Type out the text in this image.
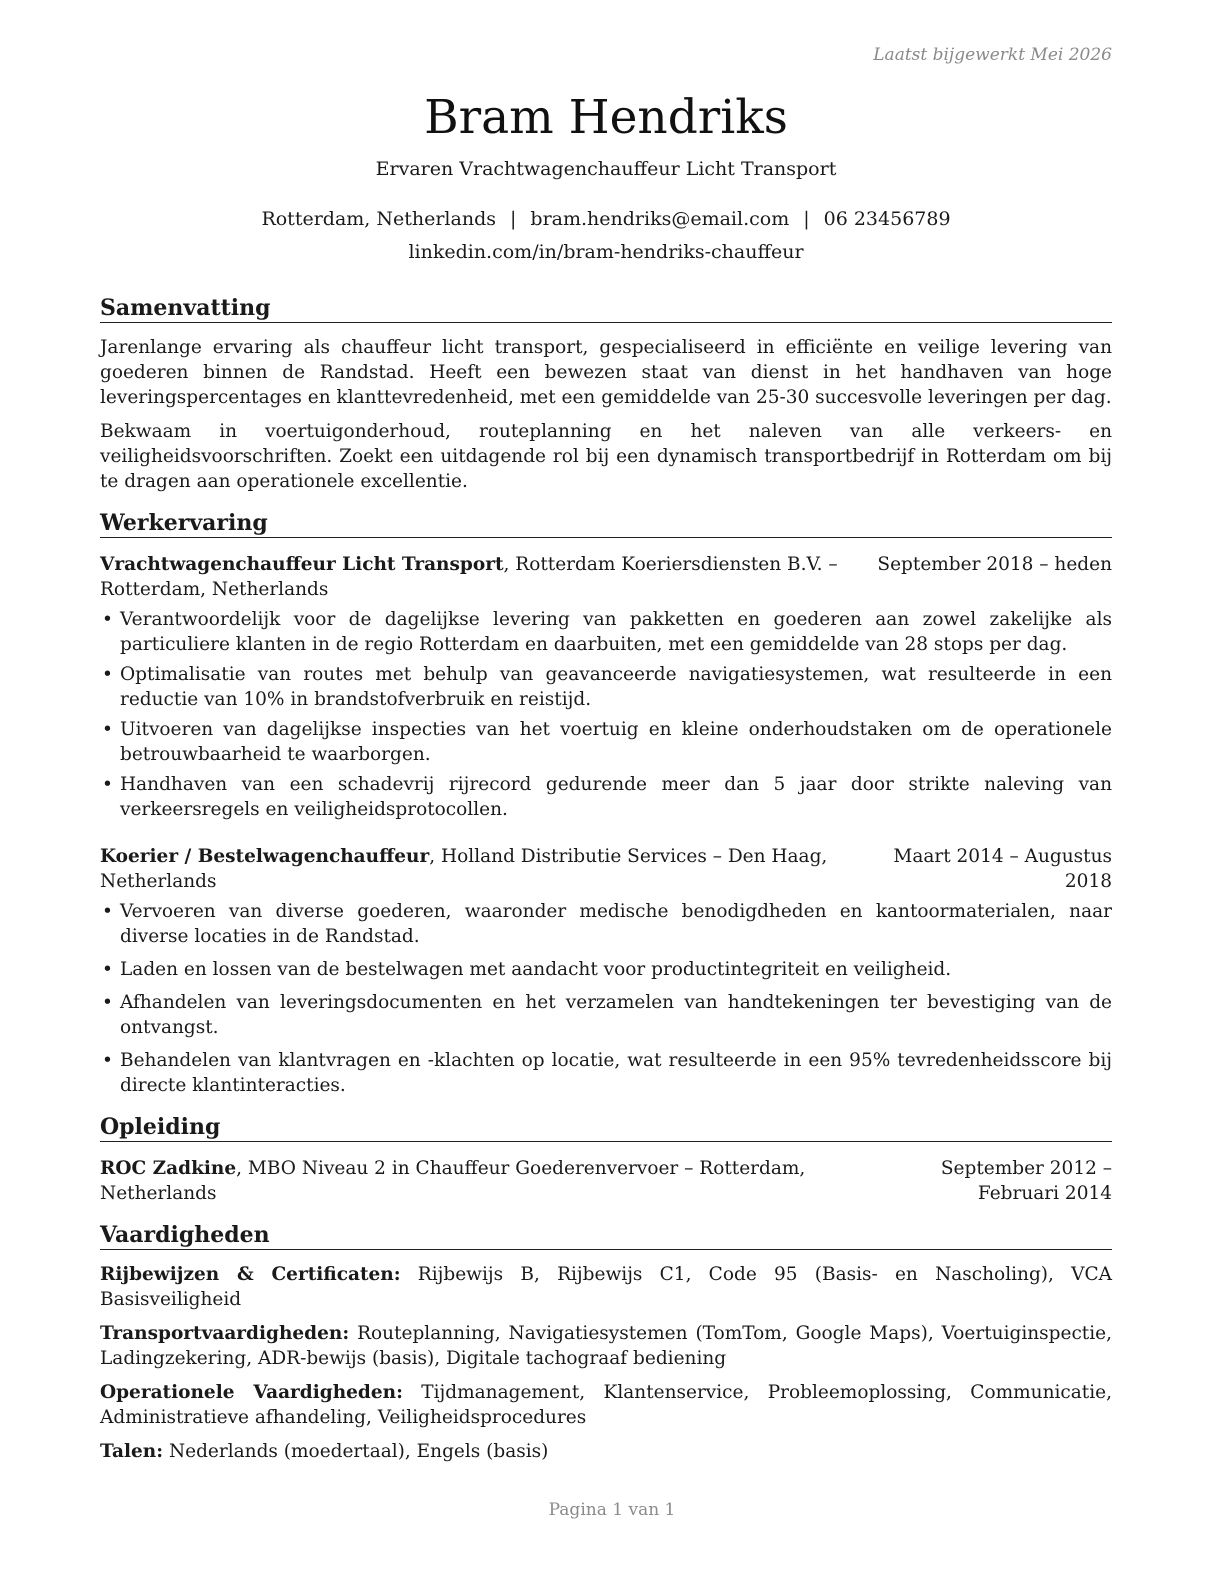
Laatst bijgewerkt Mei 2026
Bram Hendriks
Ervaren Vrachtwagenchauffeur Licht Transport
Rotterdam, Netherlands | bram.hendriks@email.com | 06 23456789
linkedin.com/in/bram-hendriks-chauffeur
Samenvatting

Jarenlange ervaring als chauffeur licht transport, gespecialiseerd in efficiënte en veilige levering van goederen binnen de Randstad. Heeft een bewezen staat van dienst in het handhaven van hoge leveringspercentages en klanttevredenheid, met een gemiddelde van 25-30 succesvolle leveringen per dag.

Bekwaam in voertuigonderhoud, routeplanning en het naleven van alle verkeers- en veiligheidsvoorschriften. Zoekt een uitdagende rol bij een dynamisch transportbedrijf in Rotterdam om bij te dragen aan operationele excellentie.

Werkervaring
Vrachtwagenchauffeur Licht Transport, Rotterdam Koeriersdiensten B.V. – Rotterdam, Netherlands
September 2018 – heden
• Verantwoordelijk voor de dagelijkse levering van pakketten en goederen aan zowel zakelijke als particuliere klanten in de regio Rotterdam en daarbuiten, met een gemiddelde van 28 stops per dag.
• Optimalisatie van routes met behulp van geavanceerde navigatiesystemen, wat resulteerde in een reductie van 10% in brandstofverbruik en reistijd.
• Uitvoeren van dagelijkse inspecties van het voertuig en kleine onderhoudstaken om de operationele betrouwbaarheid te waarborgen.
• Handhaven van een schadevrij rijrecord gedurende meer dan 5 jaar door strikte naleving van verkeersregels en veiligheidsprotocollen.
Koerier / Bestelwagenchauffeur, Holland Distributie Services – Den Haag, Netherlands
Maart 2014 – Augustus 2018
• Vervoeren van diverse goederen, waaronder medische benodigdheden en kantoormaterialen, naar diverse locaties in de Randstad.
• Laden en lossen van de bestelwagen met aandacht voor productintegriteit en veiligheid.
• Afhandelen van leveringsdocumenten en het verzamelen van handtekeningen ter bevestiging van de ontvangst.
• Behandelen van klantvragen en -klachten op locatie, wat resulteerde in een 95% tevredenheidsscore bij directe klantinteracties.
Opleiding
ROC Zadkine, MBO Niveau 2 in Chauffeur Goederenvervoer – Rotterdam, Netherlands
September 2012 – Februari 2014
Vaardigheden

Rijbewijzen & Certificaten: Rijbewijs B, Rijbewijs C1, Code 95 (Basis- en Nascholing), VCA Basisveiligheid

Transportvaardigheden: Routeplanning, Navigatiesystemen (TomTom, Google Maps), Voertuiginspectie, Ladingzekering, ADR-bewijs (basis), Digitale tachograaf bediening

Operationele Vaardigheden: Tijdmanagement, Klantenservice, Probleemoplossing, Communicatie, Administratieve afhandeling, Veiligheidsprocedures

Talen: Nederlands (moedertaal), Engels (basis)

Pagina 1 van 1
